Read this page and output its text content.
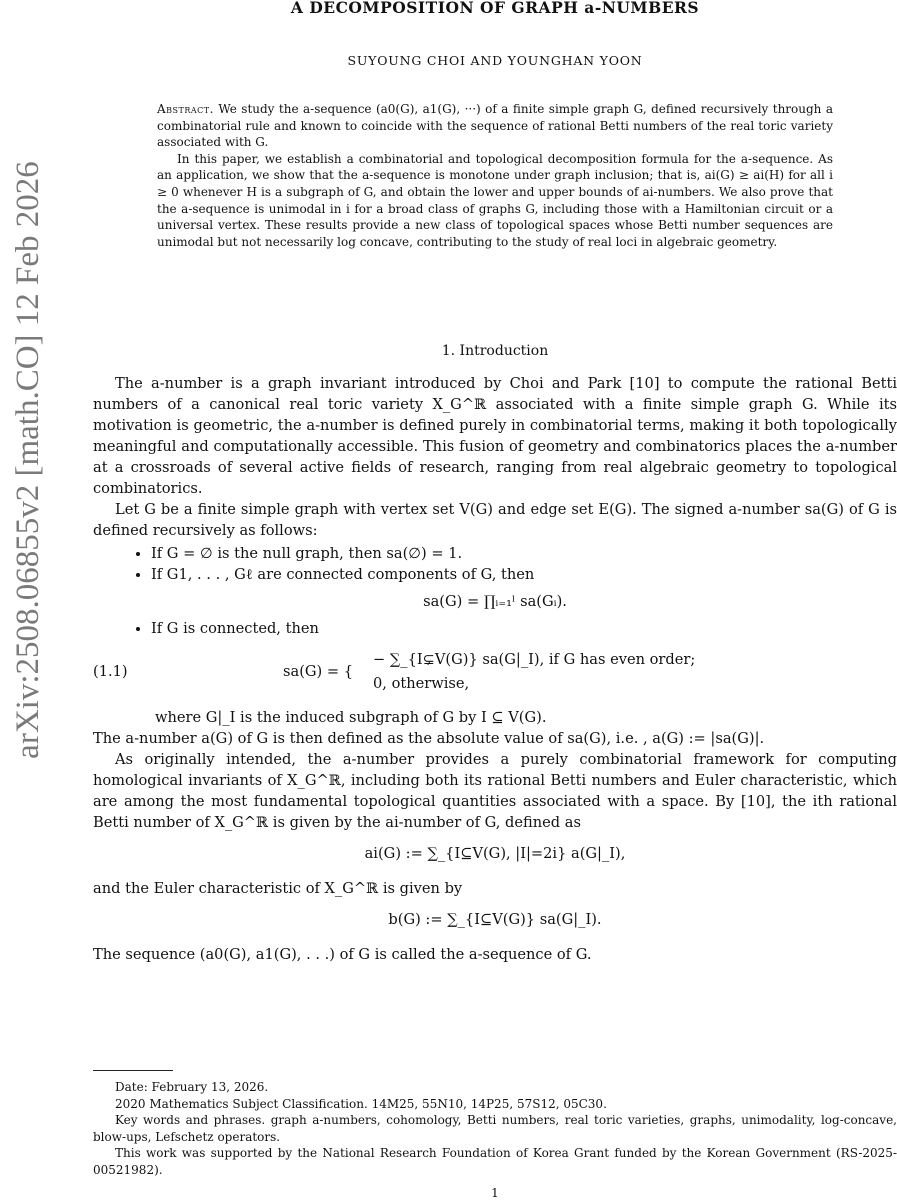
arXiv:2508.06855v2 [math.CO] 12 Feb 2026
A DECOMPOSITION OF GRAPH a-NUMBERS
SUYOUNG CHOI AND YOUNGHAN YOON

Abstract. We study the a-sequence (a0(G), a1(G), ···) of a finite simple graph G, defined recursively through a combinatorial rule and known to coincide with the sequence of rational Betti numbers of the real toric variety associated with G.

In this paper, we establish a combinatorial and topological decomposition formula for the a-sequence. As an application, we show that the a-sequence is monotone under graph inclusion; that is, ai(G) ≥ ai(H) for all i ≥ 0 whenever H is a subgraph of G, and obtain the lower and upper bounds of ai-numbers. We also prove that the a-sequence is unimodal in i for a broad class of graphs G, including those with a Hamiltonian circuit or a universal vertex. These results provide a new class of topological spaces whose Betti number sequences are unimodal but not necessarily log concave, contributing to the study of real loci in algebraic geometry.

1. Introduction

The a-number is a graph invariant introduced by Choi and Park [10] to compute the rational Betti numbers of a canonical real toric variety X_G^ℝ associated with a finite simple graph G. While its motivation is geometric, the a-number is defined purely in combinatorial terms, making it both topologically meaningful and computationally accessible. This fusion of geometry and combinatorics places the a-number at a crossroads of several active fields of research, ranging from real algebraic geometry to topological combinatorics.

Let G be a finite simple graph with vertex set V(G) and edge set E(G). The signed a-number sa(G) of G is defined recursively as follows:

• If G = ∅ is the null graph, then sa(∅) = 1.
• If G1, . . . , Gℓ are connected components of G, then
sa(G) = ∏ᵢ₌₁ˡ sa(Gᵢ).
• If G is connected, then
(1.1)	sa(G) = {
− ∑_{I⊊V(G)} sa(G|_I), if G has even order;
0, otherwise,

where G|_I is the induced subgraph of G by I ⊆ V(G).

The a-number a(G) of G is then defined as the absolute value of sa(G), i.e. , a(G) := |sa(G)|.

As originally intended, the a-number provides a purely combinatorial framework for computing homological invariants of X_G^ℝ, including both its rational Betti numbers and Euler characteristic, which are among the most fundamental topological quantities associated with a space. By [10], the ith rational Betti number of X_G^ℝ is given by the ai-number of G, defined as

ai(G) := ∑_{I⊆V(G), |I|=2i} a(G|_I),

and the Euler characteristic of X_G^ℝ is given by

b(G) := ∑_{I⊆V(G)} sa(G|_I).

The sequence (a0(G), a1(G), . . .) of G is called the a-sequence of G.

Date: February 13, 2026.

2020 Mathematics Subject Classification. 14M25, 55N10, 14P25, 57S12, 05C30.

Key words and phrases. graph a-numbers, cohomology, Betti numbers, real toric varieties, graphs, unimodality, log-concave, blow-ups, Lefschetz operators.

This work was supported by the National Research Foundation of Korea Grant funded by the Korean Government (RS-2025-00521982).

1
